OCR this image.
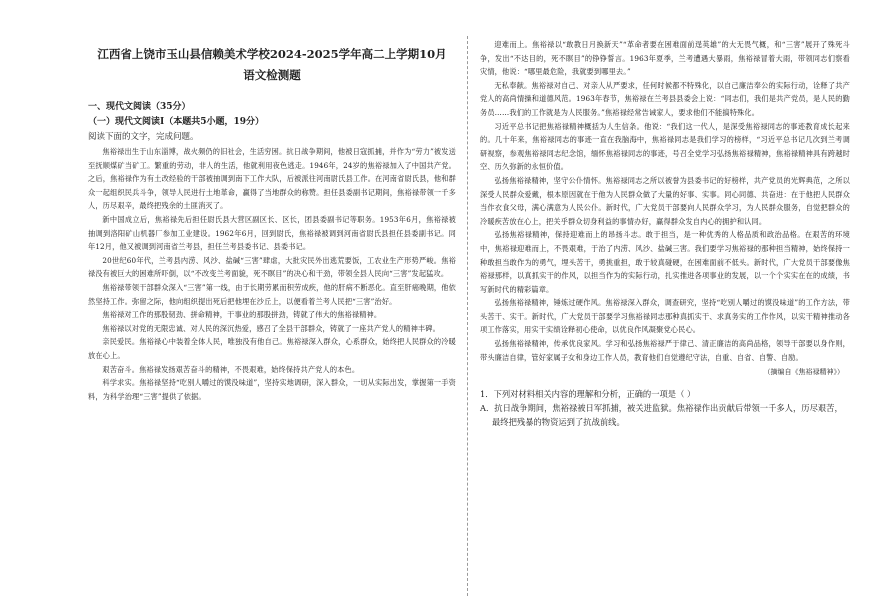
江西省上饶市玉山县信赖美术学校2024-2025学年高二上学期10月
语文检测题
一、现代文阅读（35分）
（一）现代文阅读Ⅰ（本题共5小题，19分）
阅读下面的文字，完成问题。

焦裕禄出生于山东淄博，战火频仍的旧社会，生活穷困。抗日战争期间，他被日寇抓捕，并作为“劳力”被发送至抚顺煤矿当矿工。繁重的劳动，非人的生活，他就利用夜色逃走。1946年，24岁的焦裕禄加入了中国共产党。之后，焦裕禄作为有土改经验的干部被抽调到南下工作大队，后被派往河南尉氏县工作。在河南省尉氏县，他和群众一起组织民兵斗争，领导人民进行土地革命，赢得了当地群众的称赞。担任县委副书记期间，焦裕禄带领一千多人，历尽艰辛，最终把残余的土匪消灭了。

新中国成立后，焦裕禄先后担任尉氏县大营区副区长、区长，团县委副书记等职务。1953年6月，焦裕禄被抽调到洛阳矿山机器厂参加工业建设。1962年6月，回到尉氏，焦裕禄被调到河南省尉氏县担任县委副书记。同年12月，他又被调到河南省兰考县，担任兰考县委书记、县委书记。

20世纪60年代，兰考县内涝、风沙、盐碱“三害”肆虐，大批灾民外出逃荒要饭，工农业生产形势严峻。焦裕禄没有被巨大的困难所吓倒，以“不改变兰考面貌，死不瞑目”的决心和干劲，带领全县人民向“三害”发起猛攻。

焦裕禄带领干部群众深入“三害”第一线，由于长期劳累而积劳成疾，他的肝病不断恶化。直至肝癌晚期，他依然坚持工作。弥留之际，他向组织提出死后把他埋在沙丘上，以便看着兰考人民把“三害”治好。

焦裕禄对工作的那股韧劲、拼命精神，干事业的那股拼劲，铸就了伟大的焦裕禄精神。

焦裕禄以对党的无限忠诚、对人民的深沉热爱，感召了全县干部群众，铸就了一座共产党人的精神丰碑。

亲民爱民。焦裕禄心中装着全体人民，唯独没有他自己。焦裕禄深入群众，心系群众，始终把人民群众的冷暖放在心上。

艰苦奋斗。焦裕禄发扬艰苦奋斗的精神，不畏艰难，始终保持共产党人的本色。

科学求实。焦裕禄坚持“吃别人嚼过的馍没味道”，坚持实地调研，深入群众，一切从实际出发，掌握第一手资料，为科学治理“三害”提供了依据。

迎难而上。焦裕禄以“敢教日月换新天”“革命者要在困难面前逞英雄”的大无畏气概，和“三害”展开了殊死斗争，发出“不达目的，死不瞑目”的铮铮誓言。1963年夏季，兰考遭遇大暴雨，焦裕禄冒着大雨，带领同志们察看灾情，他说：“哪里最危险，我就要到哪里去。”

无私奉献。焦裕禄对自己、对亲人从严要求，任何时候都不特殊化，以自己廉洁奉公的实际行动，诠释了共产党人的高尚情操和道德风范。1963年春节，焦裕禄在兰考县县委会上说：“同志们，我们是共产党员，是人民的勤务员……我们的工作就是为人民服务。”焦裕禄经常告诫家人，要求他们不能搞特殊化。

习近平总书记把焦裕禄精神概括为人生信条。他说：“我们这一代人，是深受焦裕禄同志的事迹教育成长起来的。几十年来，焦裕禄同志的事迹一直在我脑海中，焦裕禄同志是我们学习的榜样，“习近平总书记几次到兰考调研视察，参观焦裕禄同志纪念馆，缅怀焦裕禄同志的事迹，号召全党学习弘扬焦裕禄精神，焦裕禄精神具有跨越时空、历久弥新的永恒价值。

弘扬焦裕禄精神，坚守公仆情怀。焦裕禄同志之所以被誉为县委书记的好榜样，共产党员的光辉典范，之所以深受人民群众爱戴，根本原因就在于他为人民群众做了大量的好事、实事。同心同德、共奋进：在于他把人民群众当作衣食父母，满心满意为人民公仆。新时代，广大党员干部要向人民群众学习，为人民群众服务，自觉把群众的冷暖疾苦放在心上，把关乎群众切身利益的事情办好，赢得群众发自内心的拥护和认同。

弘扬焦裕禄精神，保持迎难而上的昂扬斗志。敢于担当，是一种优秀的人格品质和政治品格。在艰苦的环境中，焦裕禄迎难而上，不畏艰难，于治了内涝、风沙、盐碱三害。我们要学习焦裕禄的那种担当精神，始终保持一种敢担当敢作为的勇气，埋头苦干，勇挑重担，敢于较真碰硬，在困难面前不低头。新时代，广大党员干部要像焦裕禄那样，以真抓实干的作风，以担当作为的实际行动，扎实推进各项事业的发展，以一个个实实在在的成绩，书写新时代的精彩篇章。

弘扬焦裕禄精神，锤炼过硬作风。焦裕禄深入群众，调查研究，坚持“吃别人嚼过的馍没味道”的工作方法，带头苦干、实干。新时代，广大党员干部要学习焦裕禄同志那种真抓实干、求真务实的工作作风，以实干精神推动各项工作落实，用实干实绩诠释初心使命，以优良作风凝聚党心民心。

弘扬焦裕禄精神，传承优良家风。学习和弘扬焦裕禄严于律己、清正廉洁的高尚品格，领导干部要以身作则，带头廉洁自律，管好家属子女和身边工作人员，教育他们自觉遵纪守法，自重、自省、自警、自励。

（摘编自《焦裕禄精神》）
1．下列对材料相关内容的理解和分析，正确的一项是（ ）
A．抗日战争期间，焦裕禄被日军抓捕，被关进监狱。焦裕禄作出贡献后带领一千多人，历尽艰苦，最终把残暴的物资运到了抗战前线。
